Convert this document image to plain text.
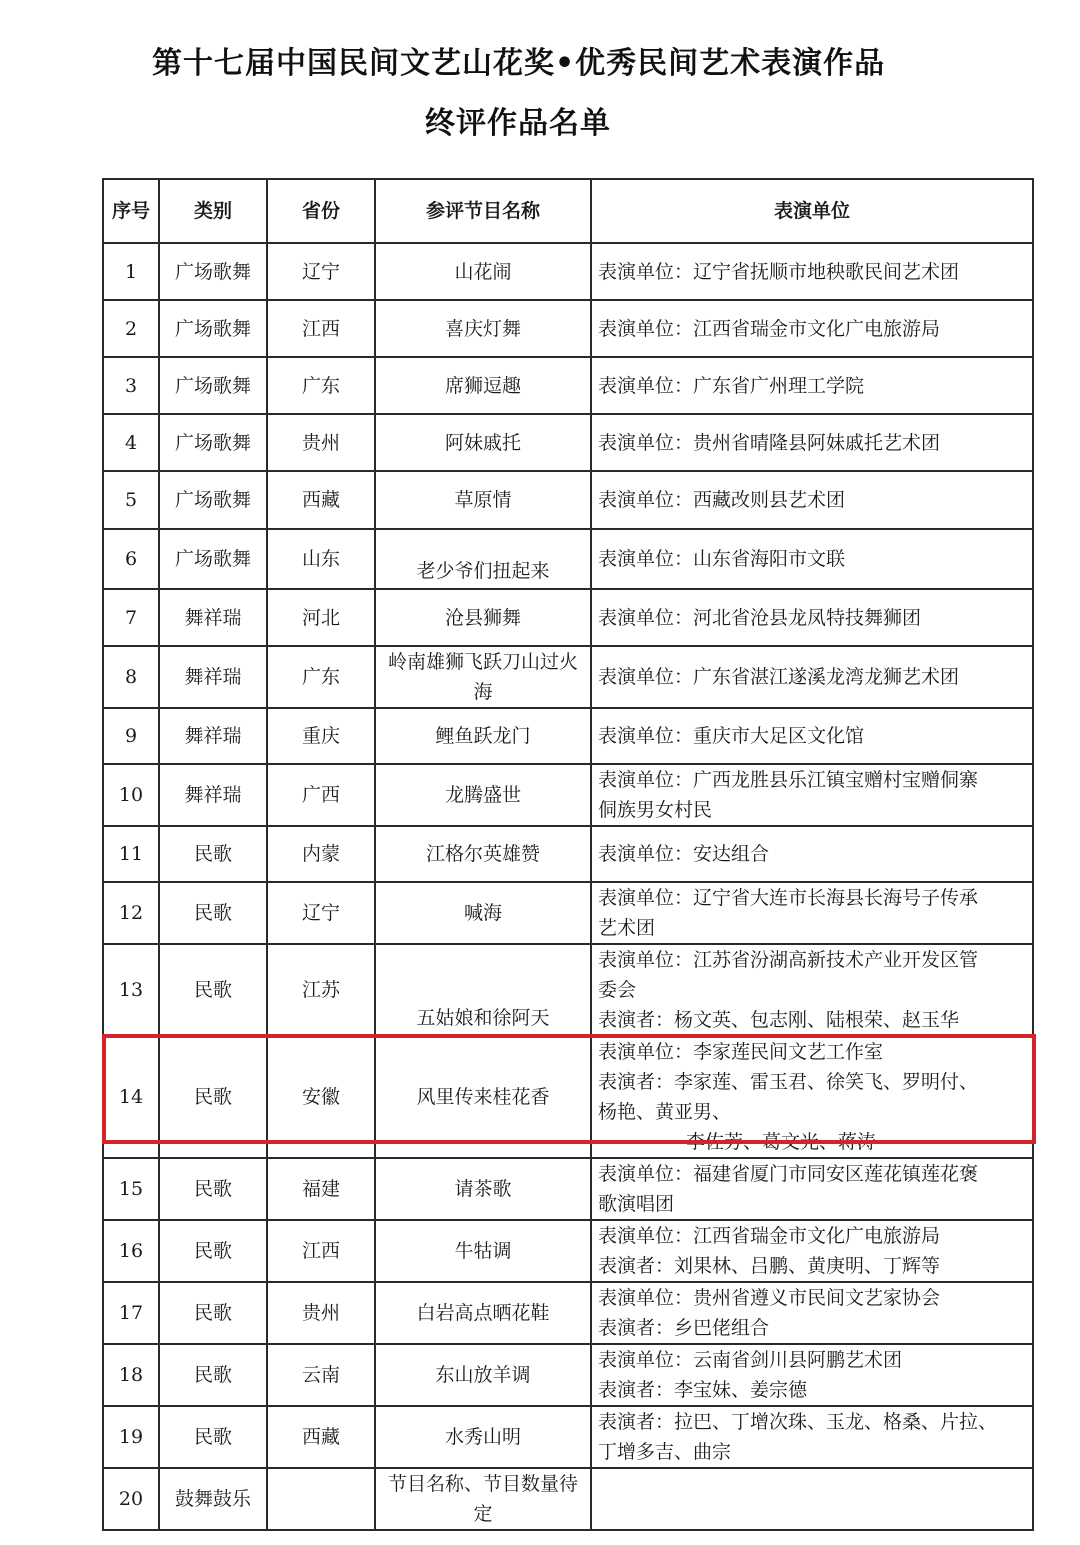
第十七届中国民间文艺山花奖•优秀民间艺术表演作品
终评作品名单
序号	类别	省份	参评节目名称	表演单位
1	广场歌舞	辽宁	山花闹	表演单位：辽宁省抚顺市地秧歌民间艺术团

2	广场歌舞	江西	喜庆灯舞	表演单位：江西省瑞金市文化广电旅游局

3	广场歌舞	广东	席狮逗趣	表演单位：广东省广州理工学院

4	广场歌舞	贵州	阿妹戚托	表演单位：贵州省晴隆县阿妹戚托艺术团

5	广场歌舞	西藏	草原情	表演单位：西藏改则县艺术团

6	广场歌舞	山东	老少爷们扭起来	表演单位：山东省海阳市文联

7	舞祥瑞	河北	沧县狮舞	表演单位：河北省沧县龙凤特技舞狮团

8	舞祥瑞	广东	岭南雄狮飞跃刀山过火海	表演单位：广东省湛江遂溪龙湾龙狮艺术团

9	舞祥瑞	重庆	鲤鱼跃龙门	表演单位：重庆市大足区文化馆

10	舞祥瑞	广西	龙腾盛世	表演单位：广西龙胜县乐江镇宝赠村宝赠侗寨
侗族男女村民

11	民歌	内蒙	江格尔英雄赞	表演单位：安达组合

12	民歌	辽宁	喊海	表演单位：辽宁省大连市长海县长海号子传承
艺术团

13	民歌	江苏	五姑娘和徐阿天	表演单位：江苏省汾湖高新技术产业开发区管
委会
表演者：杨文英、包志刚、陆根荣、赵玉华

14	民歌	安徽	风里传来桂花香	表演单位：李家莲民间文艺工作室
表演者：李家莲、雷玉君、徐笑飞、罗明付、
杨艳、黄亚男、
李佐芳、葛文光、蒋涛

15	民歌	福建	请茶歌	表演单位：福建省厦门市同安区莲花镇莲花褒
歌演唱团

16	民歌	江西	牛牯调	表演单位：江西省瑞金市文化广电旅游局
表演者：刘果林、吕鹏、黄庚明、丁辉等

17	民歌	贵州	白岩高点晒花鞋	表演单位：贵州省遵义市民间文艺家协会
表演者：乡巴佬组合

18	民歌	云南	东山放羊调	表演单位：云南省剑川县阿鹏艺术团
表演者：李宝妹、姜宗德

19	民歌	西藏	水秀山明	表演者：拉巴、丁增次珠、玉龙、格桑、片拉、
丁增多吉、曲宗

20	鼓舞鼓乐		节目名称、节目数量待定	
